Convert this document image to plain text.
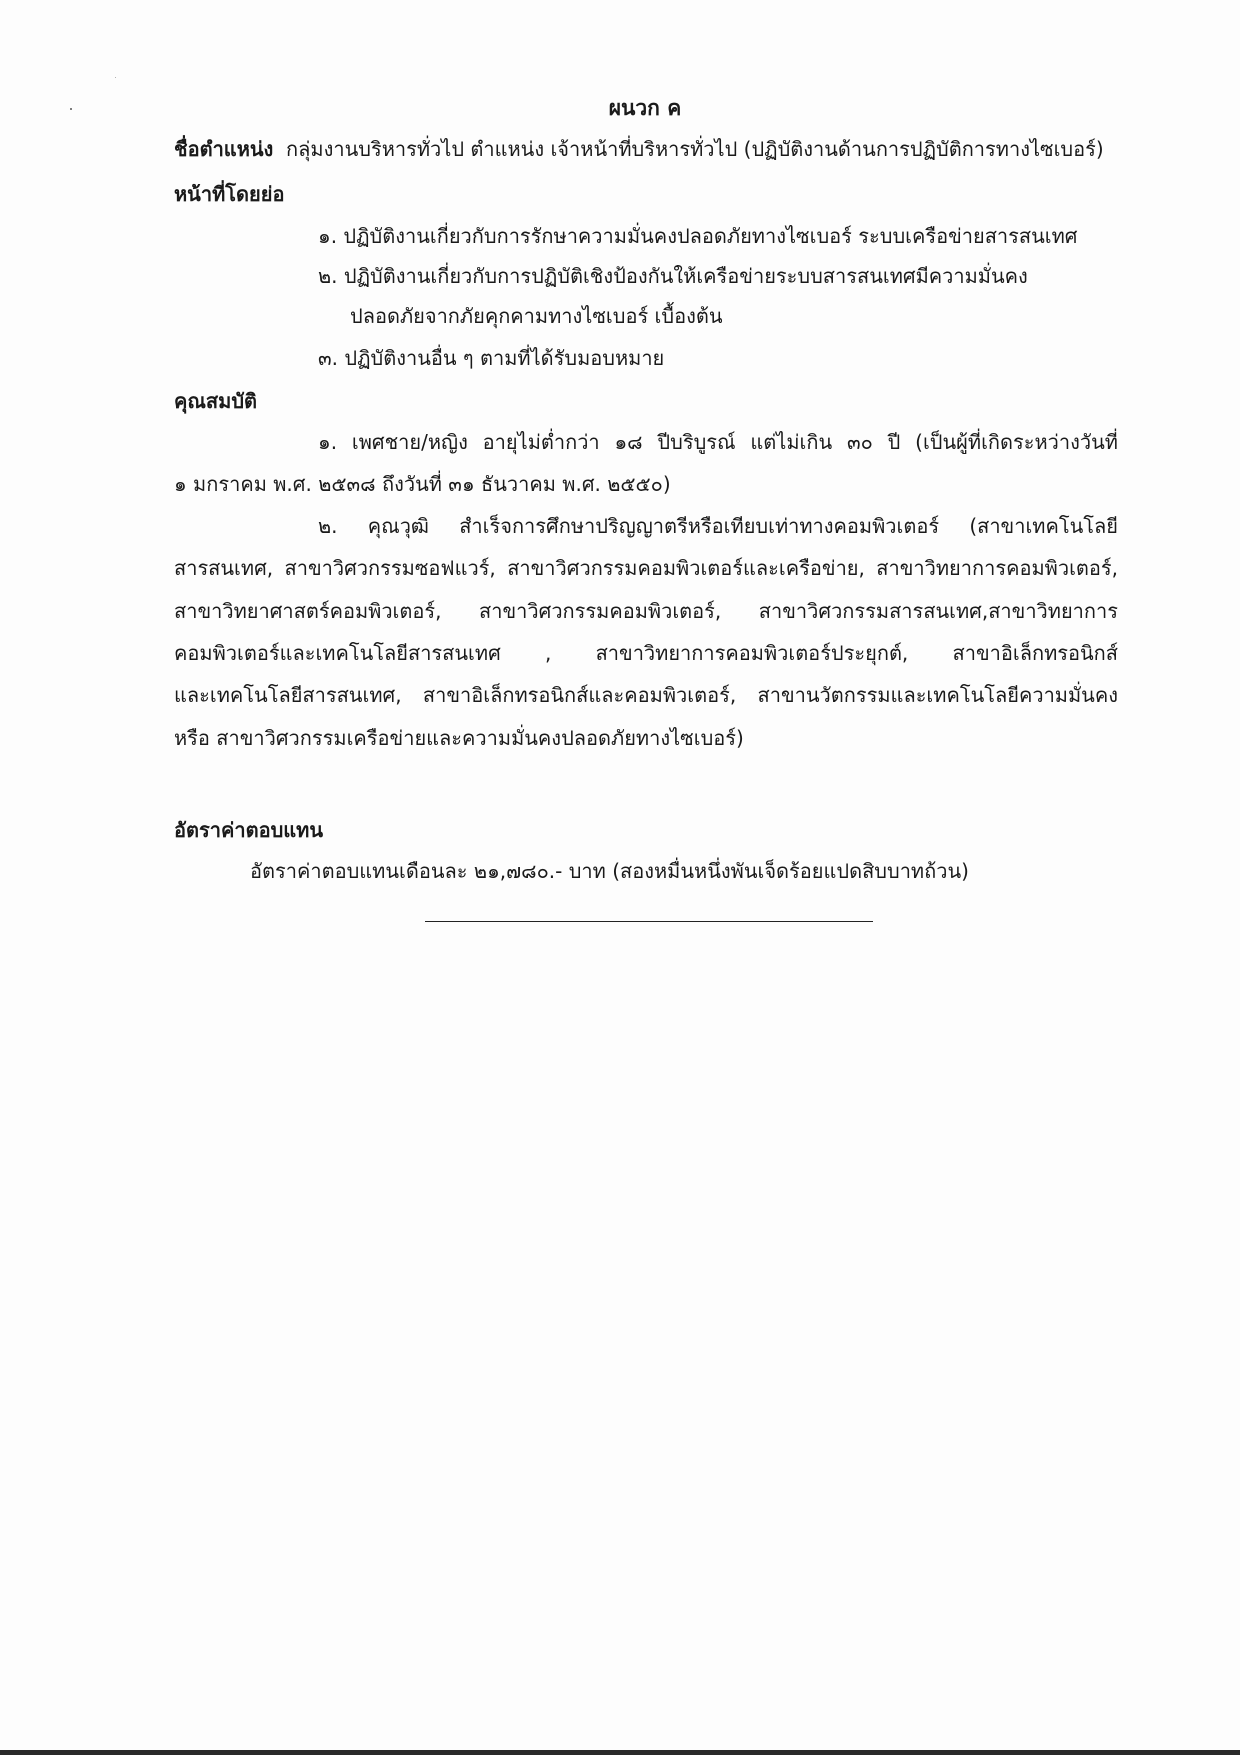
ผนวก ค
ชื่อตำแหน่ง กลุ่มงานบริหารทั่วไป ตำแหน่ง เจ้าหน้าที่บริหารทั่วไป (ปฏิบัติงานด้านการปฏิบัติการทางไซเบอร์)
หน้าที่โดยย่อ
๑. ปฏิบัติงานเกี่ยวกับการรักษาความมั่นคงปลอดภัยทางไซเบอร์ ระบบเครือข่ายสารสนเทศ
๒. ปฏิบัติงานเกี่ยวกับการปฏิบัติเชิงป้องกันให้เครือข่ายระบบสารสนเทศมีความมั่นคง
ปลอดภัยจากภัยคุกคามทางไซเบอร์ เบื้องต้น
๓. ปฏิบัติงานอื่น ๆ ตามที่ได้รับมอบหมาย
คุณสมบัติ
๑. เพศชาย/หญิง อายุไม่ต่ำกว่า ๑๘ ปีบริบูรณ์ แต่ไม่เกิน ๓๐ ปี (เป็นผู้ที่เกิดระหว่างวันที่
๑ มกราคม พ.ศ. ๒๕๓๘ ถึงวันที่ ๓๑ ธันวาคม พ.ศ. ๒๕๕๐)
๒. คุณวุฒิ สำเร็จการศึกษาปริญญาตรีหรือเทียบเท่าทางคอมพิวเตอร์ (สาขาเทคโนโลยี
สารสนเทศ, สาขาวิศวกรรมซอฟแวร์, สาขาวิศวกรรมคอมพิวเตอร์และเครือข่าย, สาขาวิทยาการคอมพิวเตอร์,
สาขาวิทยาศาสตร์คอมพิวเตอร์, สาขาวิศวกรรมคอมพิวเตอร์, สาขาวิศวกรรมสารสนเทศ,สาขาวิทยาการ
คอมพิวเตอร์และเทคโนโลยีสารสนเทศ , สาขาวิทยาการคอมพิวเตอร์ประยุกต์, สาขาอิเล็กทรอนิกส์
และเทคโนโลยีสารสนเทศ, สาขาอิเล็กทรอนิกส์และคอมพิวเตอร์, สาขานวัตกรรมและเทคโนโลยีความมั่นคง
หรือ สาขาวิศวกรรมเครือข่ายและความมั่นคงปลอดภัยทางไซเบอร์)
อัตราค่าตอบแทน
อัตราค่าตอบแทนเดือนละ ๒๑,๗๘๐.- บาท (สองหมื่นหนึ่งพันเจ็ดร้อยแปดสิบบาทถ้วน)
